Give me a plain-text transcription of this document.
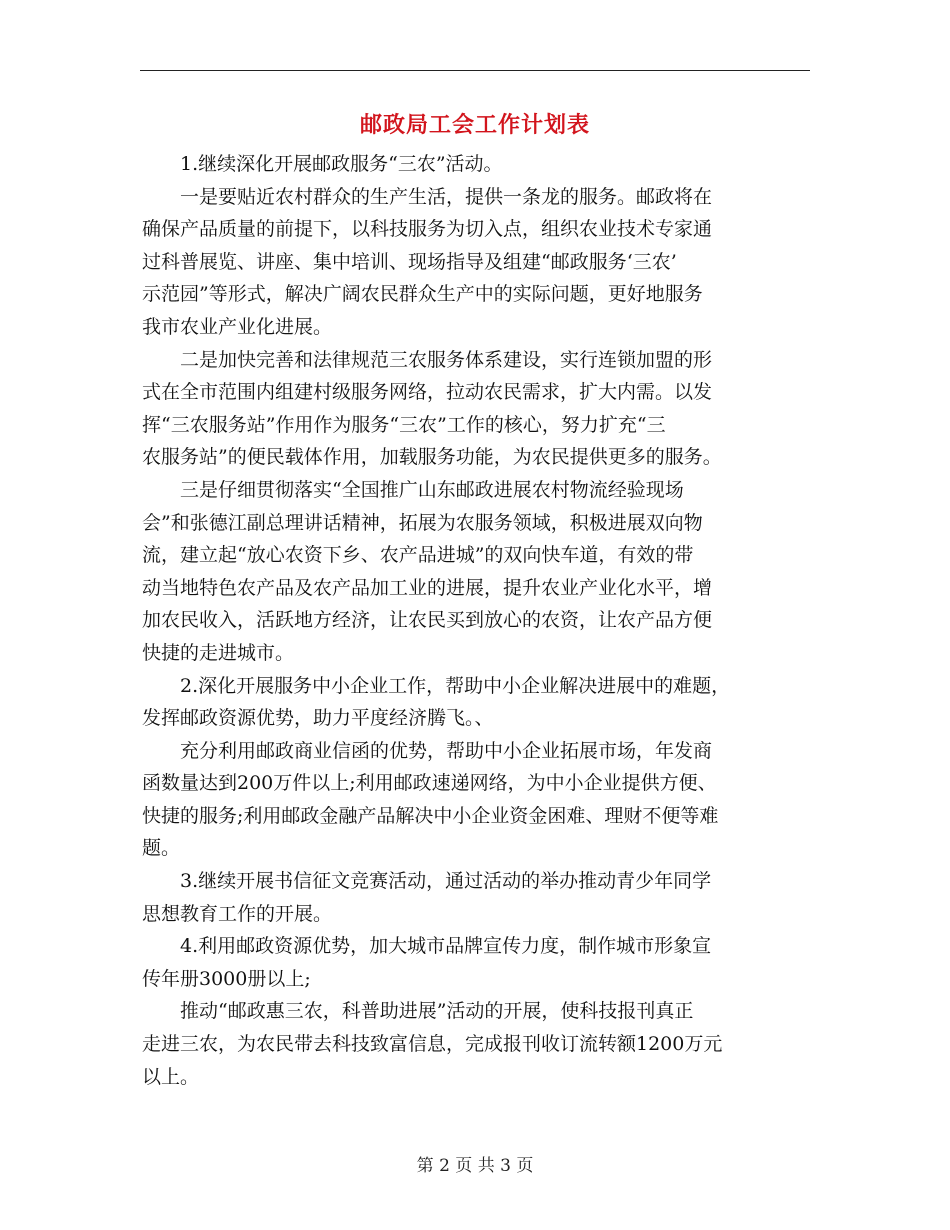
邮政局工会工作计划表

1.继续深化开展邮政服务“三农”活动。

一是要贴近农村群众的生产生活，提供一条龙的服务。邮政将在
确保产品质量的前提下，以科技服务为切入点，组织农业技术专家通
过科普展览、讲座、集中培训、现场指导及组建“邮政服务‘三农’
示范园”等形式，解决广阔农民群众生产中的实际问题，更好地服务
我市农业产业化进展。

二是加快完善和法律规范三农服务体系建设，实行连锁加盟的形
式在全市范围内组建村级服务网络，拉动农民需求，扩大内需。以发
挥“三农服务站”作用作为服务“三农”工作的核心，努力扩充“三
农服务站”的便民载体作用，加载服务功能，为农民提供更多的服务。

三是仔细贯彻落实“全国推广山东邮政进展农村物流经验现场
会”和张德江副总理讲话精神，拓展为农服务领域，积极进展双向物
流，建立起“放心农资下乡、农产品进城”的双向快车道，有效的带
动当地特色农产品及农产品加工业的进展，提升农业产业化水平，增
加农民收入，活跃地方经济，让农民买到放心的农资，让农产品方便
快捷的走进城市。

2.深化开展服务中小企业工作，帮助中小企业解决进展中的难题，
发挥邮政资源优势，助力平度经济腾飞。、

充分利用邮政商业信函的优势，帮助中小企业拓展市场，年发商
函数量达到200万件以上;利用邮政速递网络，为中小企业提供方便、
快捷的服务;利用邮政金融产品解决中小企业资金困难、理财不便等难
题。

3.继续开展书信征文竞赛活动，通过活动的举办推动青少年同学
思想教育工作的开展。

4.利用邮政资源优势，加大城市品牌宣传力度，制作城市形象宣
传年册3000册以上;

推动“邮政惠三农，科普助进展”活动的开展，使科技报刊真正
走进三农，为农民带去科技致富信息，完成报刊收订流转额1200万元
以上。

第 2 页 共 3 页
